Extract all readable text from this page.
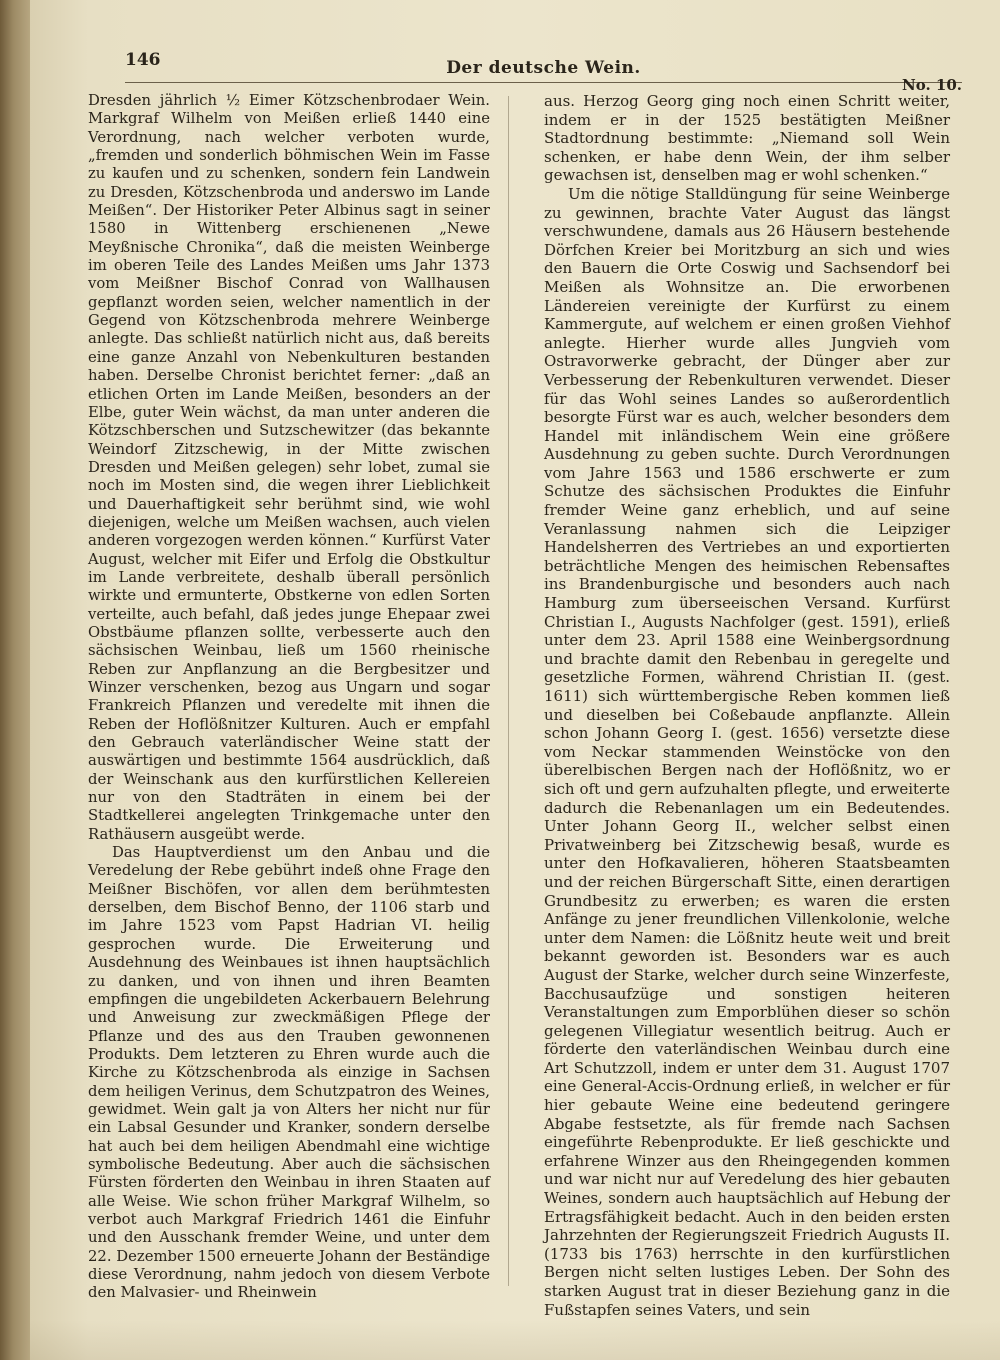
146	Der deutsche Wein.
No. 10.

Dresden jährlich ½ Eimer Kötzschenbrodaer Wein. Markgraf Wilhelm von Meißen erließ 1440 eine Verordnung, nach welcher verboten wurde, „fremden und sonderlich böhmischen Wein im Fasse zu kaufen und zu schenken, sondern fein Landwein zu Dresden, Kötzschenbroda und anderswo im Lande Meißen“. Der Historiker Peter Albinus sagt in seiner 1580 in Wittenberg erschienenen „Newe Meyßnische Chronika“, daß die meisten Weinberge im oberen Teile des Landes Meißen ums Jahr 1373 vom Meißner Bischof Conrad von Wallhausen gepflanzt worden seien, welcher namentlich in der Gegend von Kötzschenbroda mehrere Weinberge anlegte. Das schließt natürlich nicht aus, daß bereits eine ganze Anzahl von Nebenkulturen bestanden haben. Derselbe Chronist berichtet ferner: „daß an etlichen Orten im Lande Meißen, besonders an der Elbe, guter Wein wächst, da man unter anderen die Kötzschberschen und Sutzschewitzer (das bekannte Weindorf Zitzschewig, in der Mitte zwischen Dresden und Meißen gelegen) sehr lobet, zumal sie noch im Mosten sind, die wegen ihrer Lieblichkeit und Dauerhaftigkeit sehr berühmt sind, wie wohl diejenigen, welche um Meißen wachsen, auch vielen anderen vorgezogen werden können.“ Kurfürst Vater August, welcher mit Eifer und Erfolg die Obstkultur im Lande verbreitete, deshalb überall persönlich wirkte und ermunterte, Obstkerne von edlen Sorten verteilte, auch befahl, daß jedes junge Ehepaar zwei Obstbäume pflanzen sollte, verbesserte auch den sächsischen Weinbau, ließ um 1560 rheinische Reben zur Anpflanzung an die Bergbesitzer und Winzer verschenken, bezog aus Ungarn und sogar Frankreich Pflanzen und veredelte mit ihnen die Reben der Hoflößnitzer Kulturen. Auch er empfahl den Gebrauch vaterländischer Weine statt der auswärtigen und bestimmte 1564 ausdrücklich, daß der Weinschank aus den kurfürstlichen Kellereien nur von den Stadträten in einem bei der Stadtkellerei angelegten Trinkgemache unter den Rathäusern ausgeübt werde.

Das Hauptverdienst um den Anbau und die Veredelung der Rebe gebührt indeß ohne Frage den Meißner Bischöfen, vor allen dem berühmtesten derselben, dem Bischof Benno, der 1106 starb und im Jahre 1523 vom Papst Hadrian VI. heilig gesprochen wurde. Die Erweiterung und Ausdehnung des Weinbaues ist ihnen hauptsächlich zu danken, und von ihnen und ihren Beamten empfingen die ungebildeten Ackerbauern Belehrung und Anweisung zur zweckmäßigen Pflege der Pflanze und des aus den Trauben gewonnenen Produkts. Dem letzteren zu Ehren wurde auch die Kirche zu Kötzschenbroda als einzige in Sachsen dem heiligen Verinus, dem Schutzpatron des Weines, gewidmet. Wein galt ja von Alters her nicht nur für ein Labsal Gesunder und Kranker, sondern derselbe hat auch bei dem heiligen Abendmahl eine wichtige symbolische Bedeutung. Aber auch die sächsischen Fürsten förderten den Weinbau in ihren Staaten auf alle Weise. Wie schon früher Markgraf Wilhelm, so verbot auch Markgraf Friedrich 1461 die Einfuhr und den Ausschank fremder Weine, und unter dem 22. Dezember 1500 erneuerte Johann der Beständige diese Verordnung, nahm jedoch von diesem Verbote den Malvasier- und Rheinwein

aus. Herzog Georg ging noch einen Schritt weiter, indem er in der 1525 bestätigten Meißner Stadtordnung bestimmte: „Niemand soll Wein schenken, er habe denn Wein, der ihm selber gewachsen ist, denselben mag er wohl schenken.“

Um die nötige Stalldüngung für seine Weinberge zu gewinnen, brachte Vater August das längst verschwundene, damals aus 26 Häusern bestehende Dörfchen Kreier bei Moritzburg an sich und wies den Bauern die Orte Coswig und Sachsendorf bei Meißen als Wohnsitze an. Die erworbenen Ländereien vereinigte der Kurfürst zu einem Kammergute, auf welchem er einen großen Viehhof anlegte. Hierher wurde alles Jungvieh vom Ostravorwerke gebracht, der Dünger aber zur Verbesserung der Rebenkulturen verwendet. Dieser für das Wohl seines Landes so außerordentlich besorgte Fürst war es auch, welcher besonders dem Handel mit inländischem Wein eine größere Ausdehnung zu geben suchte. Durch Verordnungen vom Jahre 1563 und 1586 erschwerte er zum Schutze des sächsischen Produktes die Einfuhr fremder Weine ganz erheblich, und auf seine Veranlassung nahmen sich die Leipziger Handelsherren des Vertriebes an und exportierten beträchtliche Mengen des heimischen Rebensaftes ins Brandenburgische und besonders auch nach Hamburg zum überseeischen Versand. Kurfürst Christian I., Augusts Nachfolger (gest. 1591), erließ unter dem 23. April 1588 eine Weinbergsordnung und brachte damit den Rebenbau in geregelte und gesetzliche Formen, während Christian II. (gest. 1611) sich württembergische Reben kommen ließ und dieselben bei Coßebaude anpflanzte. Allein schon Johann Georg I. (gest. 1656) versetzte diese vom Neckar stammenden Weinstöcke von den überelbischen Bergen nach der Hoflößnitz, wo er sich oft und gern aufzuhalten pflegte, und erweiterte dadurch die Rebenanlagen um ein Bedeutendes. Unter Johann Georg II., welcher selbst einen Privatweinberg bei Zitzschewig besaß, wurde es unter den Hofkavalieren, höheren Staatsbeamten und der reichen Bürgerschaft Sitte, einen derartigen Grundbesitz zu erwerben; es waren die ersten Anfänge zu jener freundlichen Villenkolonie, welche unter dem Namen: die Lößnitz heute weit und breit bekannt geworden ist. Besonders war es auch August der Starke, welcher durch seine Winzerfeste, Bacchusaufzüge und sonstigen heiteren Veranstaltungen zum Emporblühen dieser so schön gelegenen Villegiatur wesentlich beitrug. Auch er förderte den vaterländischen Weinbau durch eine Art Schutzzoll, indem er unter dem 31. August 1707 eine General-Accis-Ordnung erließ, in welcher er für hier gebaute Weine eine bedeutend geringere Abgabe festsetzte, als für fremde nach Sachsen eingeführte Rebenprodukte. Er ließ geschickte und erfahrene Winzer aus den Rheingegenden kommen und war nicht nur auf Veredelung des hier gebauten Weines, sondern auch hauptsächlich auf Hebung der Ertragsfähigkeit bedacht. Auch in den beiden ersten Jahrzehnten der Regierungszeit Friedrich Augusts II. (1733 bis 1763) herrschte in den kurfürstlichen Bergen nicht selten lustiges Leben. Der Sohn des starken August trat in dieser Beziehung ganz in die Fußstapfen seines Vaters, und sein
